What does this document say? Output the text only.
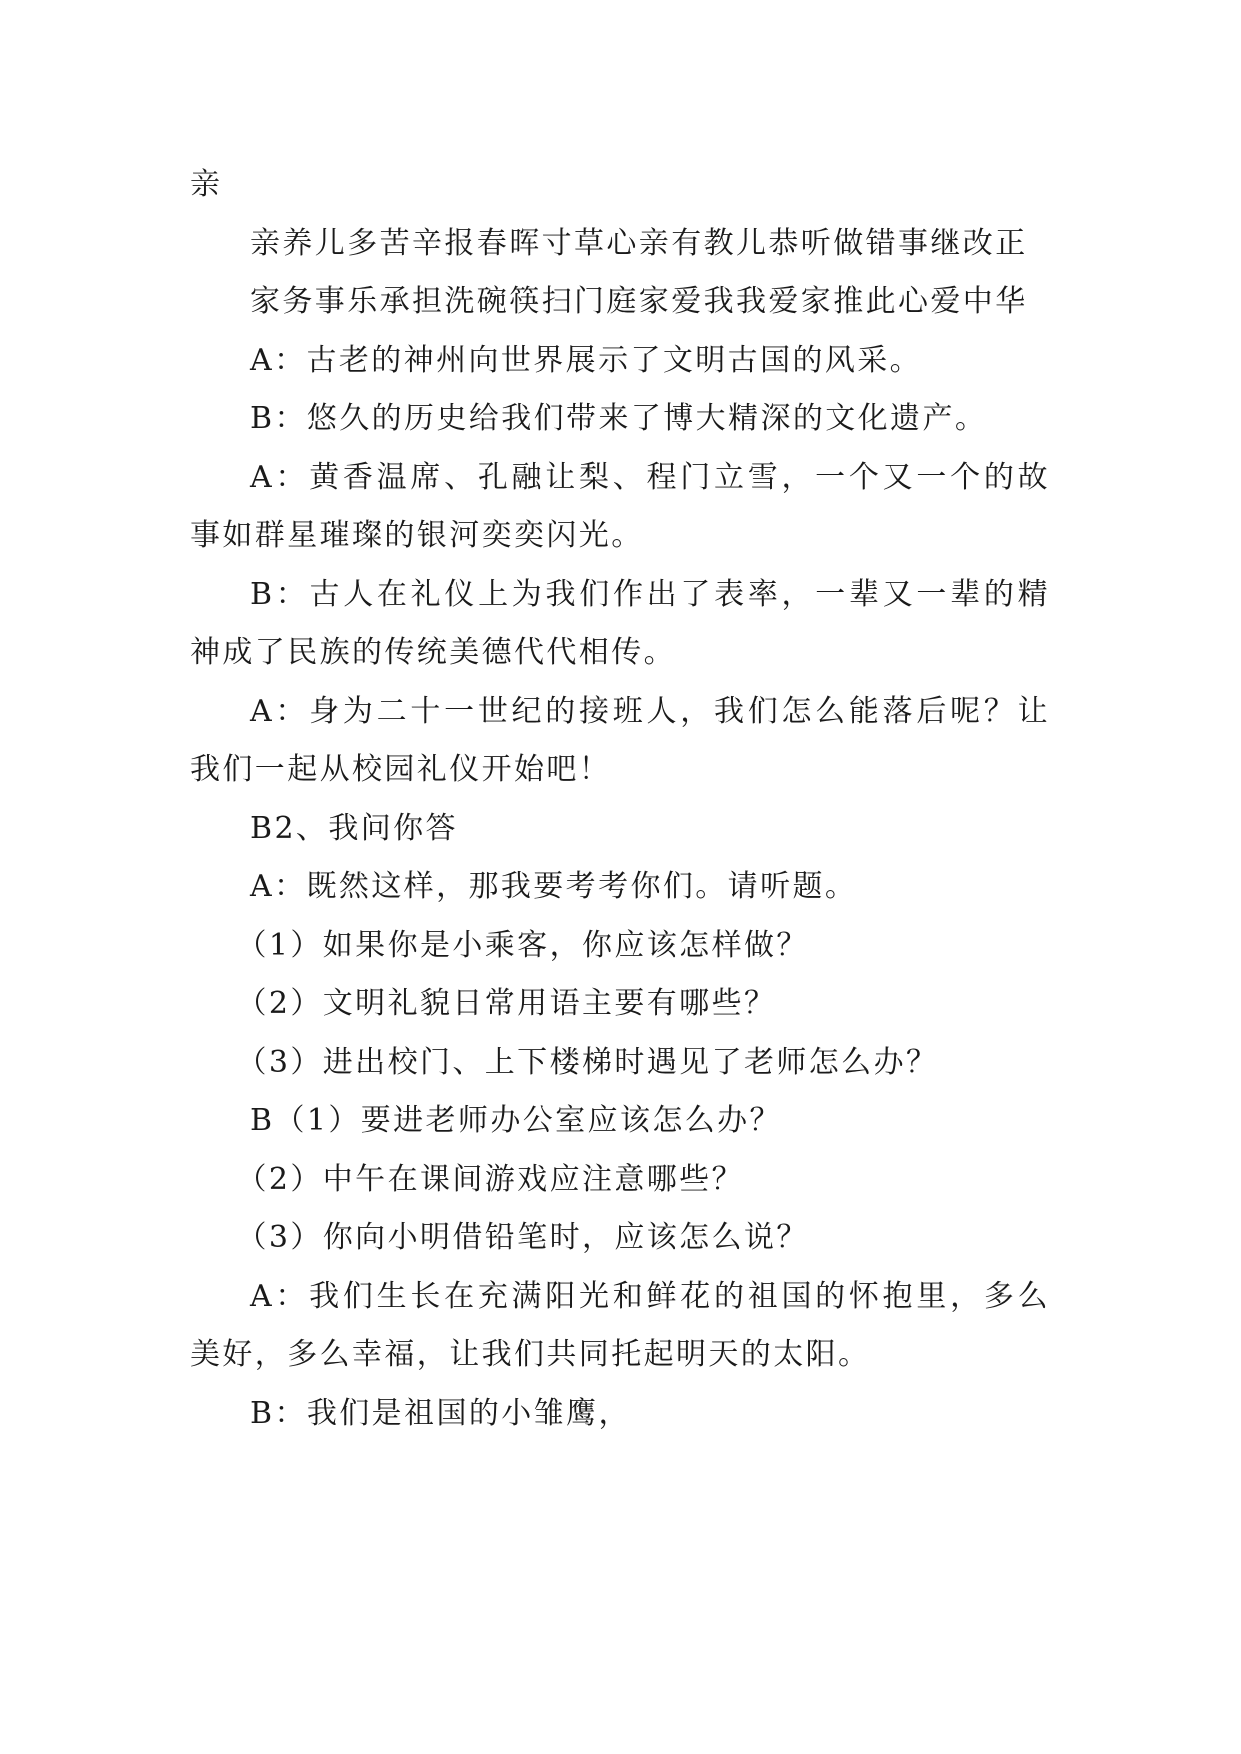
亲

亲养儿多苦辛报春晖寸草心亲有教儿恭听做错事继改正

家务事乐承担洗碗筷扫门庭家爱我我爱家推此心爱中华

A：古老的神州向世界展示了文明古国的风采。

B：悠久的历史给我们带来了博大精深的文化遗产。

A：黄香温席、孔融让梨、程门立雪，一个又一个的故事如群星璀璨的银河奕奕闪光。

B：古人在礼仪上为我们作出了表率，一辈又一辈的精神成了民族的传统美德代代相传。

A：身为二十一世纪的接班人，我们怎么能落后呢？让我们一起从校园礼仪开始吧！

B2、我问你答

A：既然这样，那我要考考你们。请听题。

（1）如果你是小乘客，你应该怎样做？

（2）文明礼貌日常用语主要有哪些？

（3）进出校门、上下楼梯时遇见了老师怎么办？

B（1）要进老师办公室应该怎么办？

（2）中午在课间游戏应注意哪些？

（3）你向小明借铅笔时，应该怎么说？

A：我们生长在充满阳光和鲜花的祖国的怀抱里，多么美好，多么幸福，让我们共同托起明天的太阳。

B：我们是祖国的小雏鹰，
